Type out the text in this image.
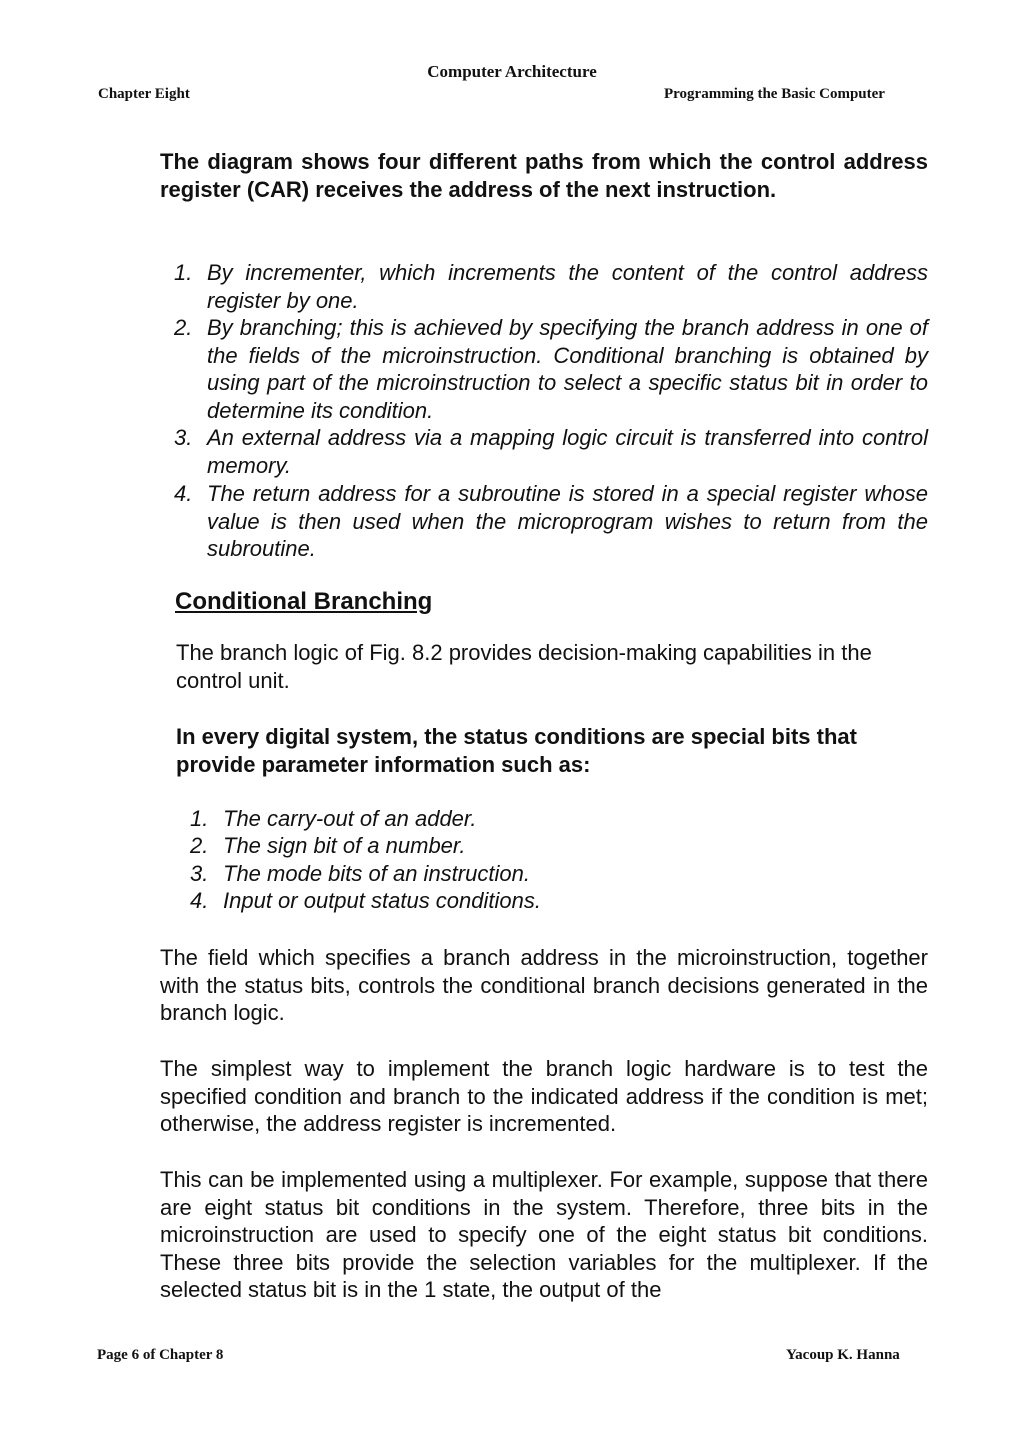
Computer Architecture
Chapter Eight	Programming the Basic Computer

The diagram shows four different paths from which the control address register (CAR) receives the address of the next instruction.

1. By incrementer, which increments the content of the control address register by one.
2. By branching; this is achieved by specifying the branch address in one of the fields of the microinstruction. Conditional branching is obtained by using part of the microinstruction to select a specific status bit in order to determine its condition.
3. An external address via a mapping logic circuit is transferred into control memory.
4. The return address for a subroutine is stored in a special register whose value is then used when the microprogram wishes to return from the subroutine.
Conditional Branching

The branch logic of Fig. 8.2 provides decision-making capabilities in the control unit.

In every digital system, the status conditions are special bits that provide parameter information such as:

1. The carry-out of an adder.
2. The sign bit of a number.
3. The mode bits of an instruction.
4. Input or output status conditions.

The field which specifies a branch address in the microinstruction, together with the status bits, controls the conditional branch decisions generated in the branch logic.

The simplest way to implement the branch logic hardware is to test the specified condition and branch to the indicated address if the condition is met; otherwise, the address register is incremented.

This can be implemented using a multiplexer. For example, suppose that there are eight status bit conditions in the system. Therefore, three bits in the microinstruction are used to specify one of the eight status bit conditions. These three bits provide the selection variables for the multiplexer. If the selected status bit is in the 1 state, the output of the

Page 6 of Chapter 8	Yacoup K. Hanna
